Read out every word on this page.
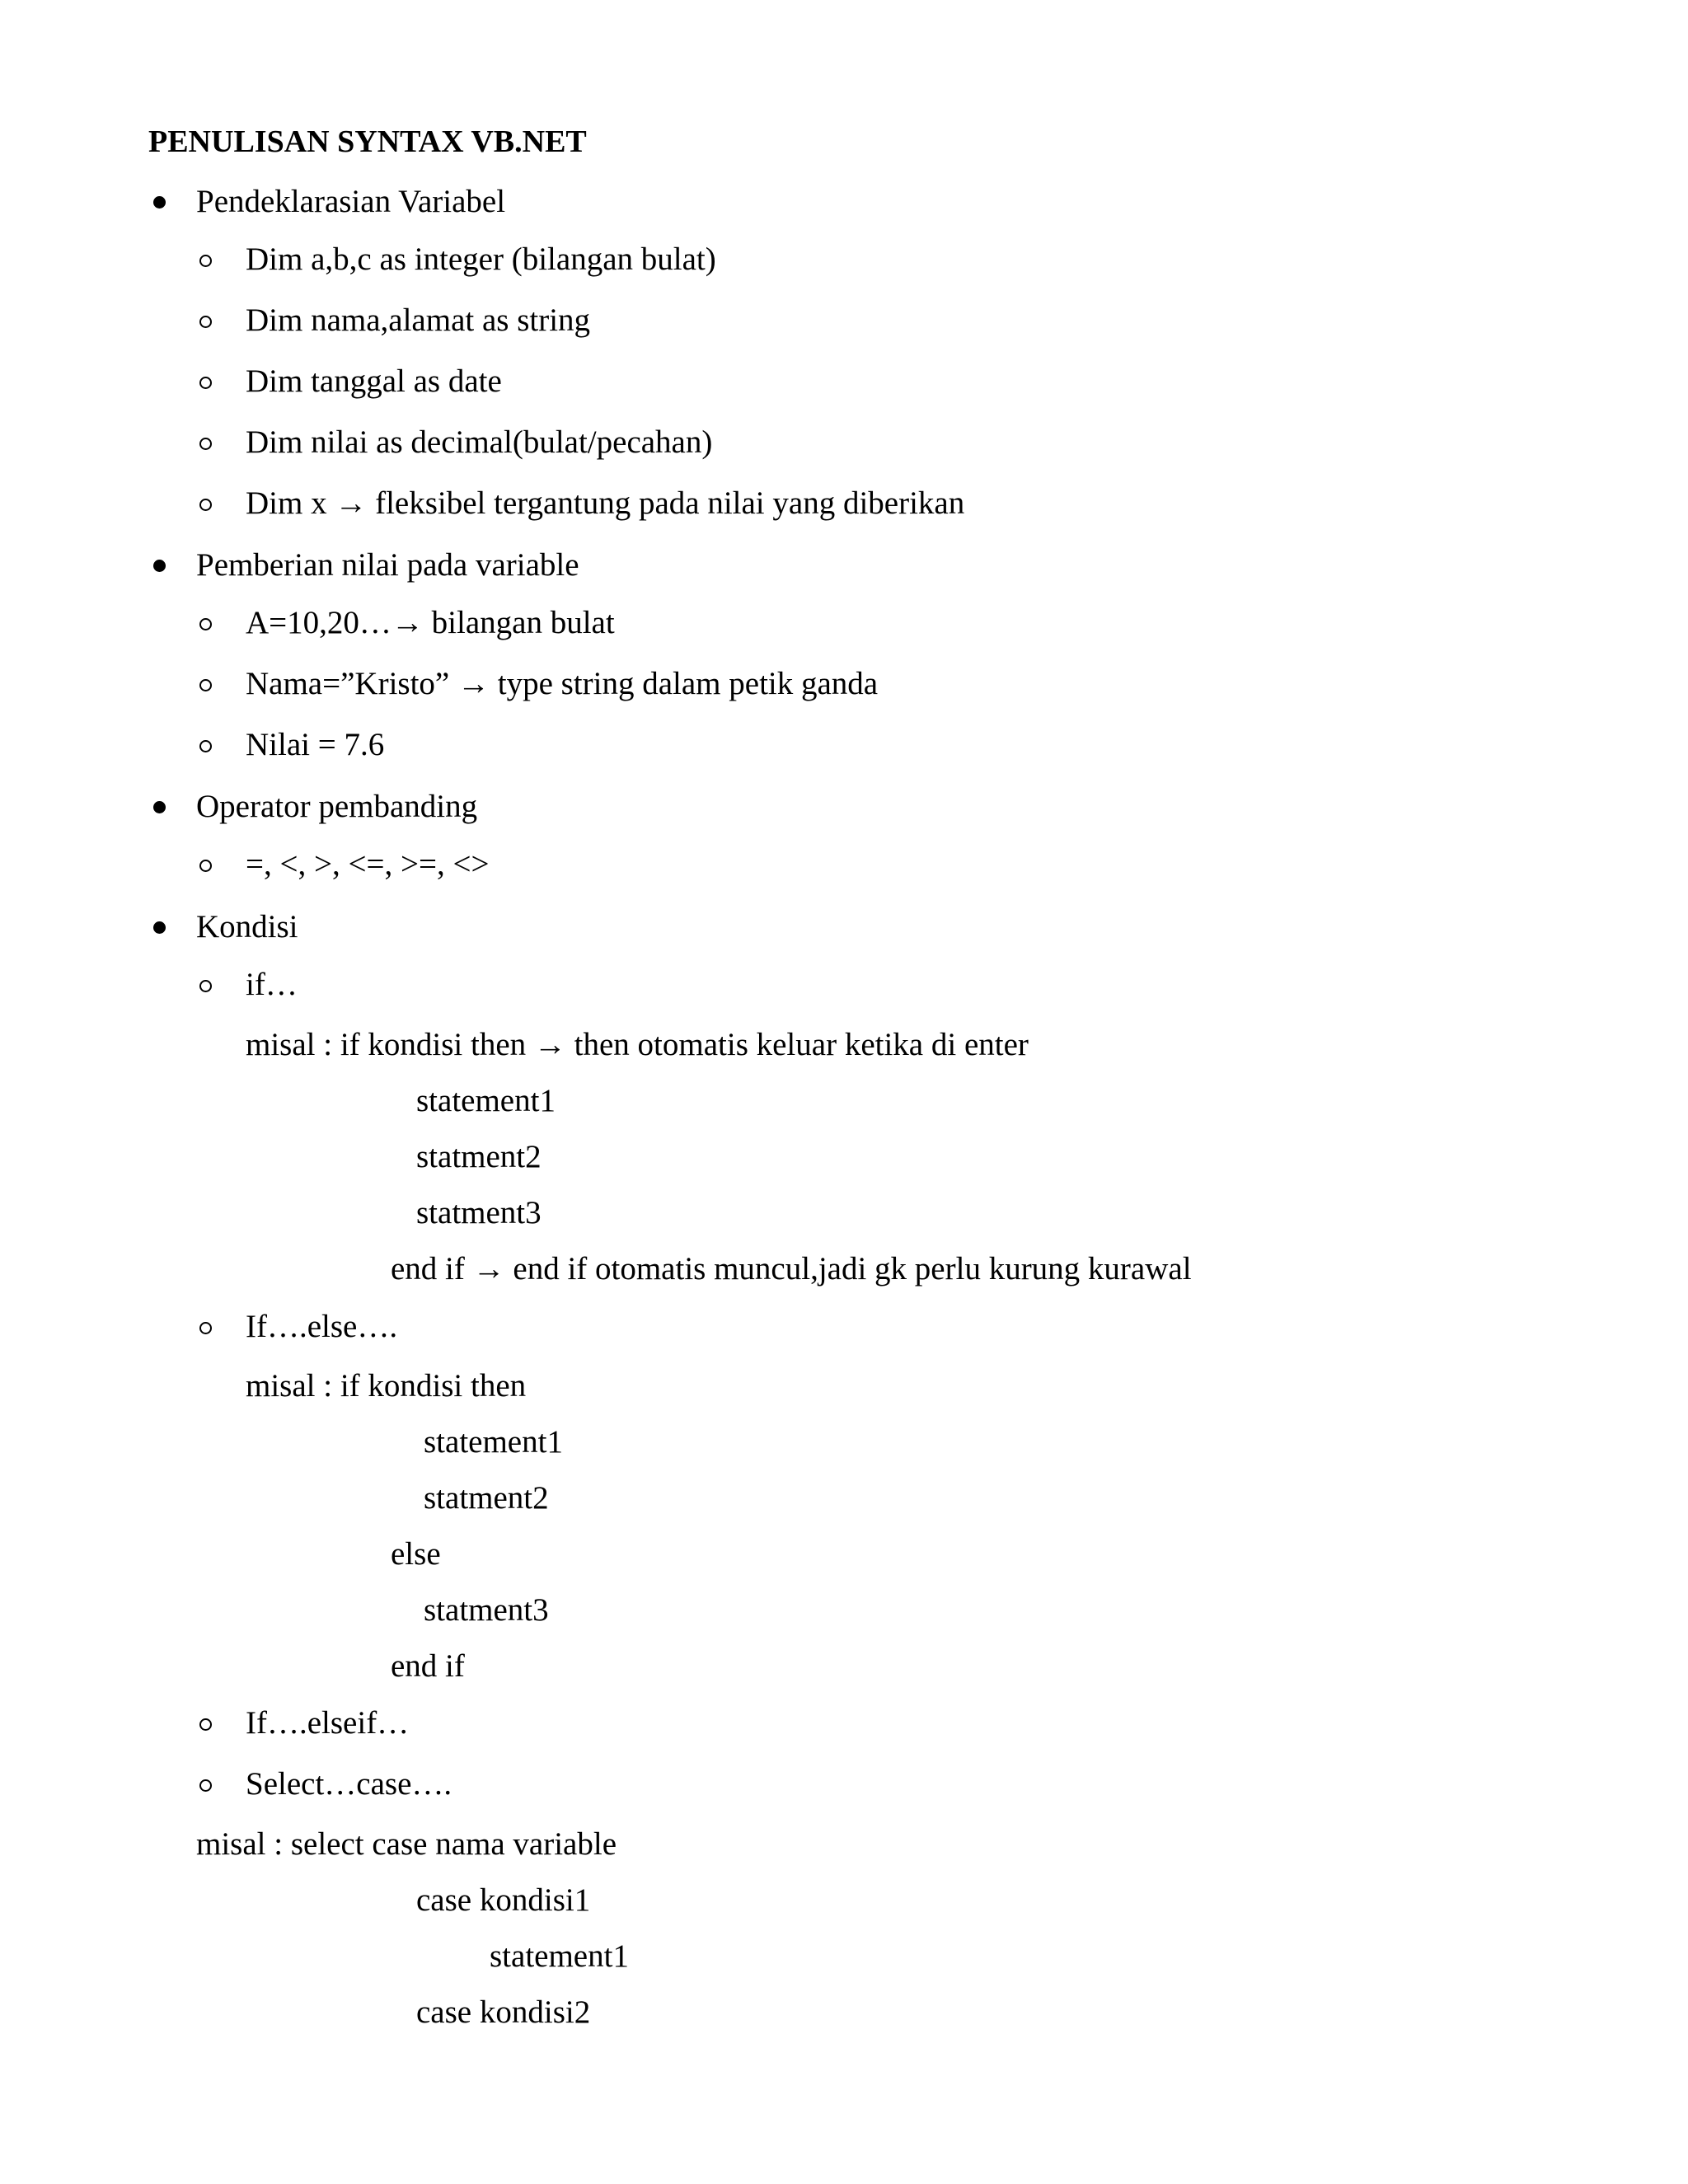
PENULISAN SYNTAX VB.NET
Pendeklarasian Variabel
Dim a,b,c as integer (bilangan bulat)
Dim nama,alamat as string
Dim tanggal as date
Dim nilai as decimal(bulat/pecahan)
Dim x → fleksibel tergantung pada nilai yang diberikan
Pemberian nilai pada variable
A=10,20…→ bilangan bulat
Nama=”Kristo” → type string dalam petik ganda
Nilai = 7.6
Operator pembanding
=, <, >, <=, >=, <>
Kondisi
if…
misal : if kondisi then → then otomatis keluar ketika di enter
statement1
statment2
statment3
end if → end if otomatis muncul,jadi gk perlu kurung kurawal
If….else….
misal : if kondisi then
statement1
statment2
else
statment3
end if
If….elseif…
Select…case….
misal : select case nama variable
case kondisi1
statement1
case kondisi2
